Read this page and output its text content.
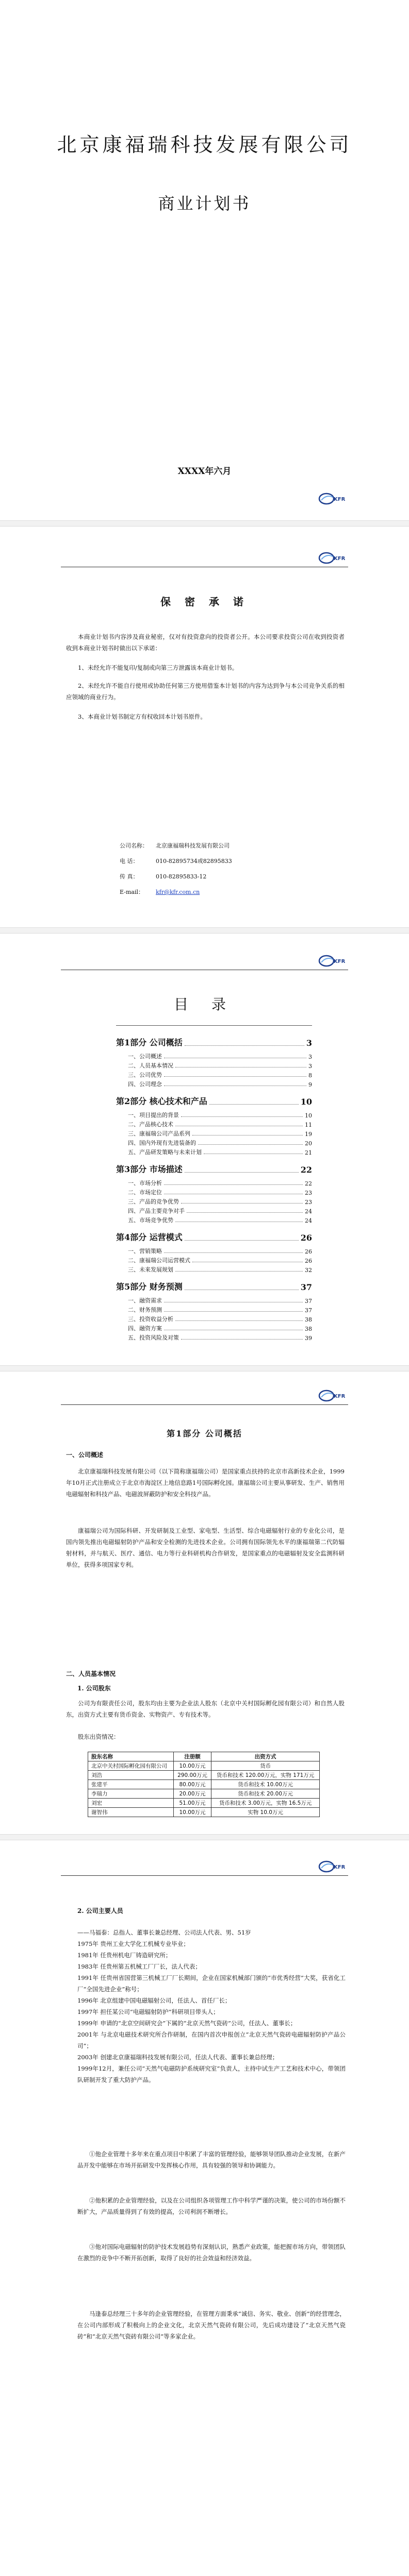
北京康福瑞科技发展有限公司
商业计划书
XXXX年六月
KFR
KFR
保 密 承 诺
本商业计划书内容涉及商业秘密，仅对有投资意向的投资者公开。本公司要求投资公司在收到投资者收到本商业计划书时做出以下承诺：
1、未经允许不能复印/复制或向第三方泄露该本商业计划书。
2、未经允许不能自行使用或协助任何第三方使用借鉴本计划书的内容为达到争与本公司竞争关系的相应领域的商业行为。
3、本商业计划书制定方有权收回本计划书原件。
公司名称： 北京康福瑞科技发展有限公司
电 话：	010-82895734或82895833
传 真：	010-82895833-12
E-mail： kfr@kfr.com.cn
KFR
目 录
第1部分 公司概括	3
一、公司概述	3
二、人员基本情况	3
三、公司优势	8
四、公司理念	9
第2部分 核心技术和产品	10
一、项目提出的背景	10
二、产品核心技术	11
三、康福瑞公司产品系列	19
四、国内外现有先进装备的	20
五、产品研发策略与未来计划	21
第3部分 市场描述	22
一、市场分析	22
二、市场定位	23
三、产品的竞争优势	23
四、产品主要竞争对手	24
五、市场竞争优势	24
第4部分 运营模式	26
一、营销策略	26
二、康福瑞公司运营模式	26
三、未来发展规划	32
第5部分 财务预测	37
一、融资需求	37
二、财务预测	37
三、投资收益分析	38
四、融资方案	38
五、投资风险及对策	39
KFR
第1部分 公司概括
一、公司概述
北京康福瑞科技发展有限公司（以下简称康福瑞公司）是国家重点扶持的北京市高新技术企业，1999年10月正式注册成立于北京市海淀区上地信息路1号国际孵化园。康福瑞公司主要从事研发、生产、销售用电磁辐射和科技产品、电磁波屏蔽防护和安全科技产品。
康福瑞公司为国际科研、开发研制及工业型、家电型、生活型、综合电磁辐射行业的专业化公司，是国内领先推出电磁辐射防护产品和安全检测的先进技术企业。公司拥有国际领先水平的康福瑞第二代防辐射材料，并与航天、医疗、通信、电力等行业科研机构合作研发，是国家重点的电磁辐射及安全监测科研单位，获得多项国家专利。
二、人员基本情况
1. 公司股东
公司为有限责任公司，股东均由主要为企业法人股东（北京中关村国际孵化园有限公司）和自然人股东，出资方式主要有货币资金、实物资产、专有技术等。
股东出资情况：
股东名称	注册额	出资方式
北京中关村国际孵化园有限公司	10.00万元	货币
刘浩	290.00万元	货币和技术 120.00万元，实物 171万元
张建平	80.00万元	货币和技术 10.00万元
李瑞力	20.00万元	货币和技术 20.00万元
刘宏	51.00万元	货币和技术 3.00万元，实物 16.5万元
谢智伟	10.00万元	实物 10.0万元
KFR
2. 公司主要人员
——马福泰：总指人、董事长兼总经理、公司法人代表、男、51岁
1975年 贵州工业大学化工机械专业毕业；
1981年 任贵州机电厂铸造研究所；
1983年 任贵州第五机械工厂厂长，法人代表；
1991年 任贵州省国营第三机械工厂厂长期间，企业在国家机械部门颁的“市优秀经营”大奖，获省化工厂“全国先进企业”称号；
1996年 北京组建中国电磁辐射公司，任法人、首任厂长；
1997年 担任某公司“电磁辐射防护”科研项目带头人；
1999年 申请的“北京空间研究会”下属的“北京天然气瓷砖”公司，任法人、董事长；
2001年 与北京电磁技术研究所合作研制，在国内首次申报创立“北京天然气瓷砖电磁辐射防护产品公司”；
2003年 创建北京康福瑞科技发展有限公司，任法人代表、董事长兼总经理；
1999年12月，兼任公司“天然气电磁防护系统研究室”负责人，主持中试生产工艺和技术中心，带领团队研制开发了重大防护产品。
①他企业管理十多年来在重点项目中积累了丰富的管理经验，能够领导团队推动企业发展，在新产品开发中能够在市场开拓研发中发挥核心作用，具有较强的领导和协调能力。
②他积累的企业管理经验，以及在公司组织各项管理工作中科学严谨的决策，使公司的市场份额不断扩大，产品质量得到了有效的提高，公司利润不断增长。
③他对国际电磁辐射的防护技术发展趋势有深刻认识，熟悉产业政策，能把握市场方向，带领团队在激烈的竞争中不断开拓创新，取得了良好的社会效益和经济效益。
马逢泰总经理三十多年的企业管理经验，在管理方面秉承“诚信、务实、敬业、创新”的经营理念，在公司内部形成了积极向上的企业文化，北京天然气瓷砖有限公司，先后成功建设了“北京天然气瓷砖”和“北京天然气瓷砖有限公司”等多家企业。
